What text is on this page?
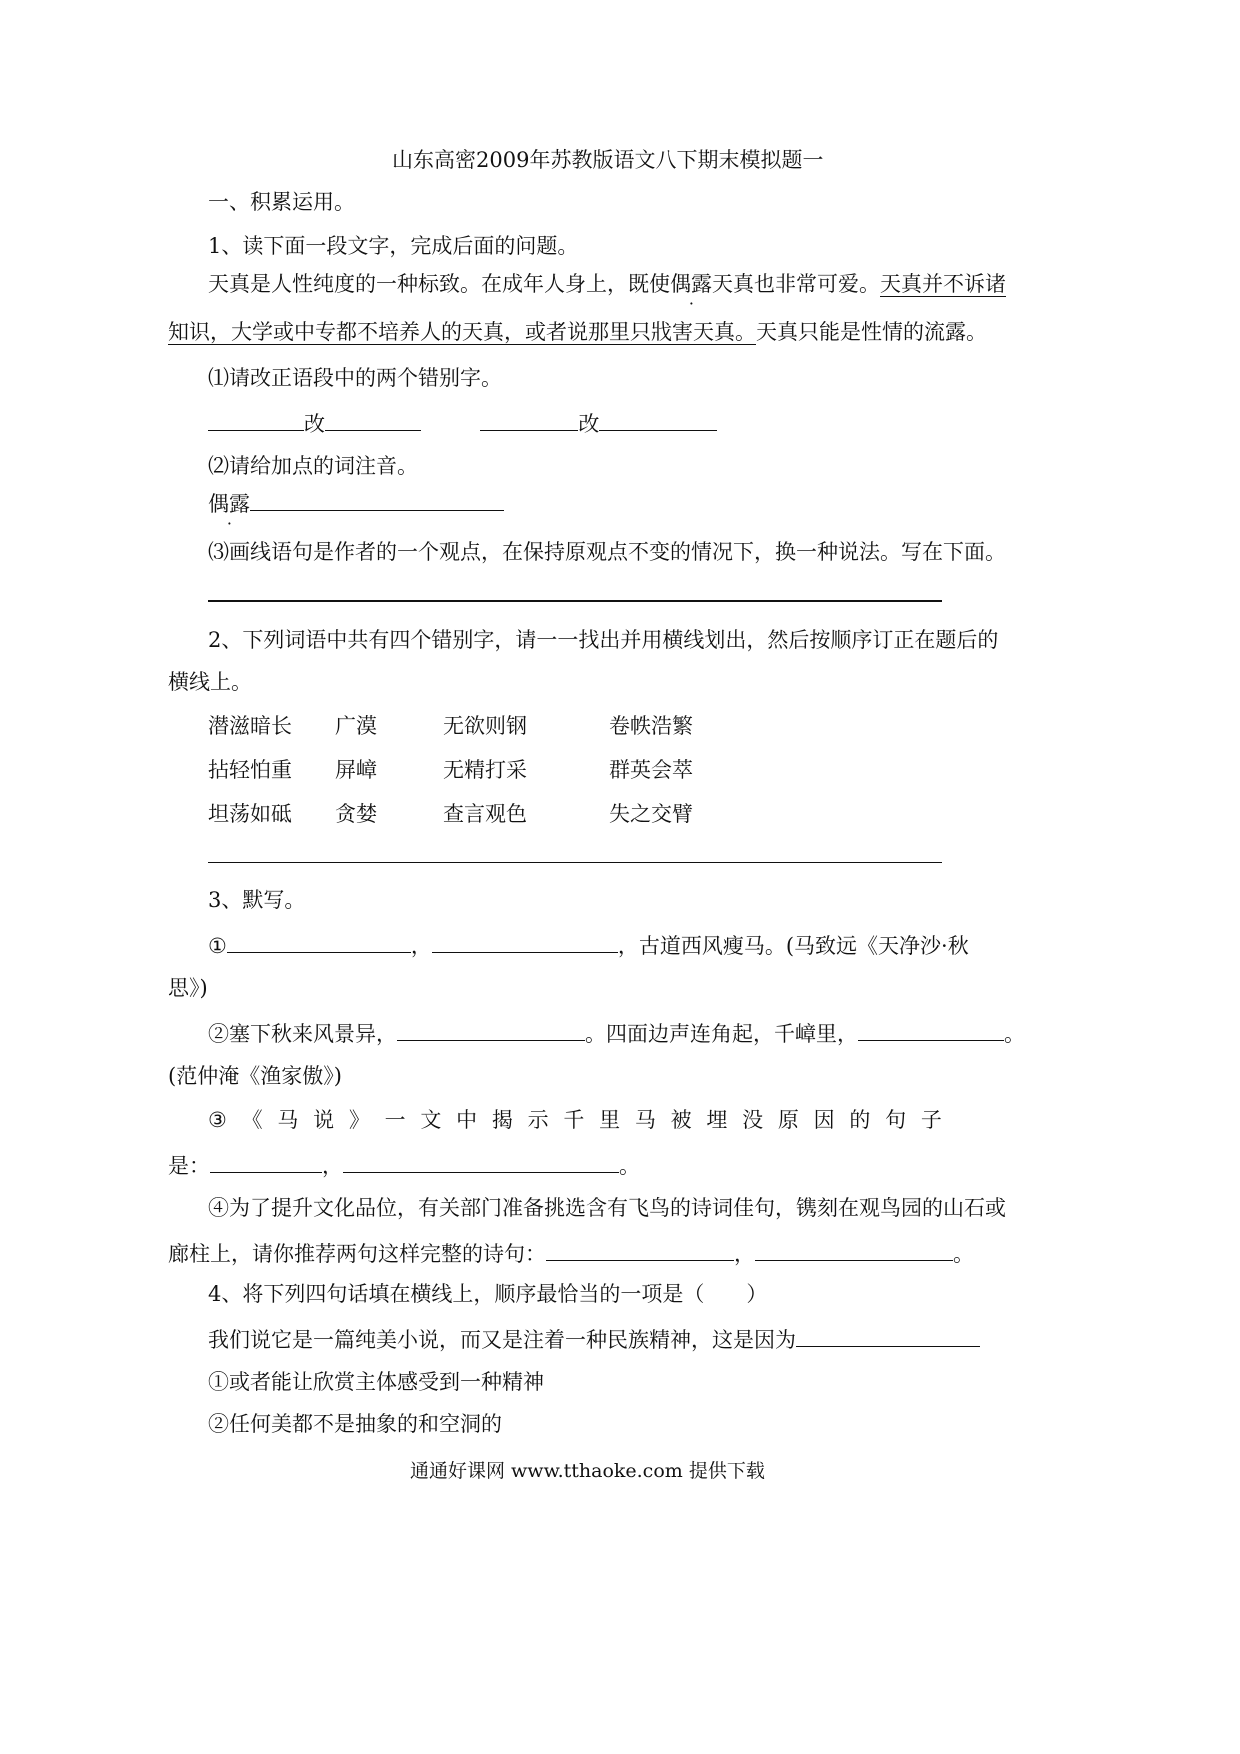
山东高密2009年苏教版语文八下期末模拟题一
一、积累运用。
1、读下面一段文字，完成后面的问题。
天真是人性纯度的一种标致。在成年人身上，既使偶露天真也非常可爱。天真并不诉诸
知识，大学或中专都不培养人的天真，或者说那里只戕害天真。天真只能是性情的流露。
⑴请改正语段中的两个错别字。
改	改
⑵请给加点的词注音。
偶露
⑶画线语句是作者的一个观点，在保持原观点不变的情况下，换一种说法。写在下面。
2、下列词语中共有四个错别字，请一一找出并用横线划出，然后按顺序订正在题后的
横线上。
潜滋暗长 广漠	无欲则钢	卷帙浩繁
拈轻怕重 屏嶂	无精打采	群英会萃
坦荡如砥 贪婪	查言观色	失之交臂
3、默写。
①	，	，古道西风瘦马。(马致远《天净沙·秋
思》)
②塞下秋来风景异，	。四面边声连角起，千嶂里，	。
(范仲淹《渔家傲》)
③ 《 马 说 》 一 文 中 揭 示 千 里 马 被 埋 没 原 因 的 句 子
是：	，	。
④为了提升文化品位，有关部门准备挑选含有飞鸟的诗词佳句，镌刻在观鸟园的山石或
廊柱上，请你推荐两句这样完整的诗句：	，	。
4、将下列四句话填在横线上，顺序最恰当的一项是（　　）
我们说它是一篇纯美小说，而又是注着一种民族精神，这是因为
①或者能让欣赏主体感受到一种精神
②任何美都不是抽象的和空洞的
通通好课网 www.tthaoke.com 提供下载
